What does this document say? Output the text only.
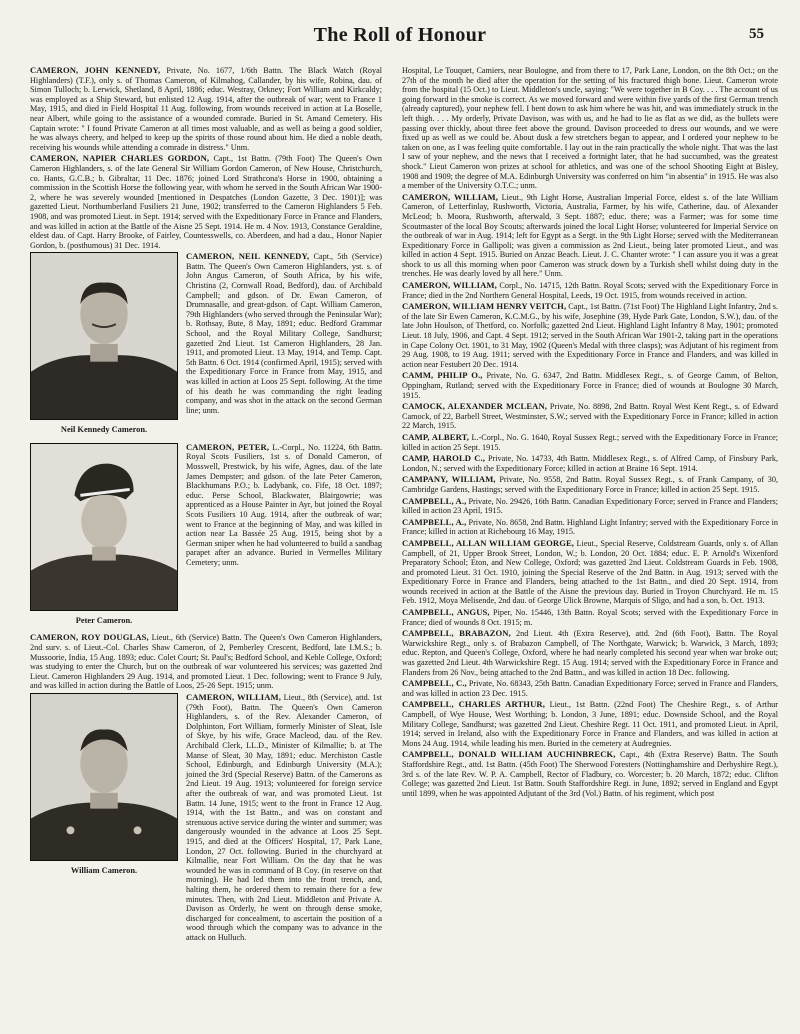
The Roll of Honour	55
CAMERON, JOHN KENNEDY, Private, No. 1677, 1/6th Battn. The Black Watch (Royal Highlanders) (T.F.), only s. of Thomas Cameron, of Kilmahog, Callander, by his wife, Robina, dau. of Simon Tulloch; b. Lerwick, Shetland, 8 April, 1886; educ. Westray, Orkney; Fort William and Kirkcaldy; was employed as a Ship Steward, but enlisted 12 Aug. 1914, after the outbreak of war; went to France 1 May, 1915, and died in Field Hospital 11 Aug. following, from wounds received in action at La Boselle, near Albert, while going to the assistance of a wounded comrade. Buried in St. Amand Cemetery. His Captain wrote: " I found Private Cameron at all times most valuable, and as well as being a good soldier, he was always cheery, and helped to keep up the spirits of those round about him. He died a noble death, receiving his wounds while attending a comrade in distress." Unm.
CAMERON, NAPIER CHARLES GORDON, Capt., 1st Battn. (79th Foot) The Queen's Own Cameron Highlanders, s. of the late General Sir William Gordon Cameron, of New House, Christchurch, co. Hants, G.C.B.; b. Gibraltar, 11 Dec. 1876; joined Lord Strathcona's Horse in 1900, obtaining a commission in the Scottish Horse the following year, with whom he served in the South African War 1900-2, where he was severely wounded [mentioned in Despatches (London Gazette, 3 Dec. 1901)]; was gazetted Lieut. Northumberland Fusiliers 21 June, 1902; transferred to the Cameron Highlanders 5 Feb. 1908, and was promoted Lieut. in Sept. 1914; served with the Expeditionary Force in France and Flanders, and was killed in action at the Battle of the Aisne 25 Sept. 1914. He m. 4 Nov. 1913, Constance Geraldine, eldest dau. of Capt. Harry Brooke, of Fairley, Countesswells, co. Aberdeen, and had a dau., Honor Napier Gordon, b. (posthumous) 31 Dec. 1914.
Neil Kennedy Cameron.
CAMERON, NEIL KENNEDY, Capt., 5th (Service) Battn. The Queen's Own Cameron Highlanders, yst. s. of John Angus Cameron, of South Africa, by his wife, Christina (2, Cornwall Road, Bedford), dau. of Archibald Campbell; and gdson. of Dr. Ewan Cameron, of Drumnasalle, and great-gdson. of Capt. William Cameron, 79th Highlanders (who served through the Peninsular War); b. Rothsay, Bute, 8 May, 1891; educ. Bedford Grammar School, and the Royal Military College, Sandhurst; gazetted 2nd Lieut. 1st Cameron Highlanders, 28 Jan. 1911, and promoted Lieut. 13 May, 1914, and Temp. Capt. 5th Battn. 6 Oct. 1914 (confirmed April, 1915); served with the Expeditionary Force in France from May, 1915, and was killed in action at Loos 25 Sept. following. At the time of his death he was commanding the right leading company, and was shot in the attack on the second German line; unm.
Peter Cameron.
CAMERON, PETER, L.-Corpl., No. 11224, 6th Battn. Royal Scots Fusiliers, 1st s. of Donald Cameron, of Mosswell, Prestwick, by his wife, Agnes, dau. of the late James Dempster; and gdson. of the late Peter Cameron, Blackhumans P.O.; b. Ladybank, co. Fife, 18 Oct. 1897; educ. Perse School, Blackwater, Blairgowrie; was apprenticed as a House Painter in Ayr, but joined the Royal Scots Fusiliers 10 Aug. 1914, after the outbreak of war; went to France at the beginning of May, and was killed in action near La Bassée 25 Aug. 1915, being shot by a German sniper when he had volunteered to build a sandbag parapet after an advance. Buried in Vermelles Military Cemetery; unm.
CAMERON, ROY DOUGLAS, Lieut., 6th (Service) Battn. The Queen's Own Cameron Highlanders, 2nd surv. s. of Lieut.-Col. Charles Shaw Cameron, of 2, Pemberley Crescent, Bedford, late I.M.S.; b. Mussoorie, India, 15 Aug. 1893; educ. Colet Court; St. Paul's; Bedford School, and Keble College, Oxford; was studying to enter the Church, but on the outbreak of war volunteered his services; was gazetted 2nd Lieut. Cameron Highlanders 29 Aug. 1914, and promoted Lieut. 1 Dec. following; went to France 9 July, and was killed in action during the Battle of Loos, 25-26 Sept. 1915; unm.
William Cameron.
CAMERON, WILLIAM, Lieut., 8th (Service), attd. 1st (79th Foot), Battn. The Queen's Own Cameron Highlanders, s. of the Rev. Alexander Cameron, of Dolphinton, Fort William, formerly Minister of Sleat, Isle of Skye, by his wife, Grace Macleod, dau. of the Rev. Archibald Clerk, LL.D., Minister of Kilmallie; b. at The Manse of Sleat, 30 May, 1891; educ. Merchiston Castle School, Edinburgh, and Edinburgh University (M.A.); joined the 3rd (Special Reserve) Battn. of the Camerons as 2nd Lieut. 19 Aug. 1913; volunteered for foreign service after the outbreak of war, and was promoted Lieut. 1st Battn. 14 June, 1915; went to the front in France 12 Aug. 1914, with the 1st Battn., and was on constant and strenuous active service during the winter and summer; was dangerously wounded in the advance at Loos 25 Sept. 1915, and died at the Officers' Hospital, 17, Park Lane, London, 27 Oct. following. Buried in the churchyard at Kilmallie, near Fort William. On the day that he was wounded he was in command of B Coy. (in reserve on that morning). He had led them into the front trench, and, halting them, he ordered them to remain there for a few minutes. Then, with 2nd Lieut. Middleton and Private A. Davison as Orderly, he went on through dense smoke, discharged for concealment, to ascertain the position of a wood through which the company was to advance in the attack on Hulluch.
Hospital, Le Touquet, Camiers, near Boulogne, and from there to 17, Park Lane, London, on the 8th Oct.; on the 27th of the month he died after the operation for the setting of his fractured thigh bone. Lieut. Cameron wrote from the hospital (15 Oct.) to Lieut. Middleton's uncle, saying: "We were together in B Coy. . . . The account of us going forward in the smoke is correct. As we moved forward and were within five yards of the first German trench (already captured), your nephew fell. I bent down to ask him where he was hit, and was immediately struck in the left thigh. . . . My orderly, Private Davison, was with us, and he had to lie as flat as we did, as the bullets were passing over thickly, about three feet above the ground. Davison proceeded to dress our wounds, and we were fixed up as well as we could be. About dusk a few stretchers began to appear, and I ordered your nephew to be taken on one, as I was feeling quite comfortable. I lay out in the rain practically the whole night. That was the last I saw of your nephew, and the news that I received a fortnight later, that he had succumbed, was the greatest shock." Lieut Cameron won prizes at school for athletics, and was one of the school Shooting Eight at Bisley, 1908 and 1909; the degree of M.A. Edinburgh University was conferred on him "in absentia" in 1915. He was also a member of the University O.T.C.; unm.
CAMERON, WILLIAM, Lieut., 9th Light Horse, Australian Imperial Force, eldest s. of the late William Cameron, of Letterfinlay, Rushworth, Victoria, Australia, Farmer, by his wife, Catherine, dau. of Alexander McLeod; b. Moora, Rushworth, afterwald, 3 Sept. 1887; educ. there; was a Farmer; was for some time Scoutmaster of the local Boy Scouts; afterwards joined the local Light Horse; volunteered for Imperial Service on the outbreak of war in Aug. 1914; left for Egypt as a Sergt. in the 9th Light Horse; served with the Mediterranean Expeditionary Force in Gallipoli; was given a commission as 2nd Lieut., being later promoted Lieut., and was killed in action 4 Sept. 1915. Buried on Anzac Beach. Lieut. J. C. Chanter wrote: " I can assure you it was a great shock to us all this morning when poor Cameron was struck down by a Turkish shell whilst doing duty in the trenches. He was dearly loved by all here." Unm.
CAMERON, WILLIAM, Corpl., No. 14715, 12th Battn. Royal Scots; served with the Expeditionary Force in France; died in the 2nd Northern General Hospital, Leeds, 19 Oct. 1915, from wounds received in action.
CAMERON, WILLIAM HENRY VEITCH, Capt., 1st Battn. (71st Foot) The Highland Light Infantry, 2nd s. of the late Sir Ewen Cameron, K.C.M.G., by his wife, Josephine (39, Hyde Park Gate, London, S.W.), dau. of the late John Houlson, of Thetford, co. Norfolk; gazetted 2nd Lieut. Highland Light Infantry 8 May, 1901; promoted Lieut. 18 July, 1906, and Capt. 4 Sept. 1912; served in the South African War 1901-2, taking part in the operations in Cape Colony Oct. 1901, to 31 May, 1902 (Queen's Medal with three clasps); was Adjutant of his regiment from 29 Aug. 1908, to 19 Aug. 1911; served with the Expeditionary Force in France and Flanders, and was killed in action near Festubert 20 Dec. 1914.
CAMM, PHILIP O., Private, No. G. 6347, 2nd Battn. Middlesex Regt., s. of George Camm, of Belton, Oppingham, Rutland; served with the Expeditionary Force in France; died of wounds at Boulogne 30 March, 1915.
CAMOCK, ALEXANDER MCLEAN, Private, No. 8898, 2nd Battn. Royal West Kent Regt., s. of Edward Camock, of 22, Barbell Street, Westminster, S.W.; served with the Expeditionary Force in France; killed in action 22 March, 1915.
CAMP, ALBERT, L.-Corpl., No. G. 1640, Royal Sussex Regt.; served with the Expeditionary Force in France; killed in action 25 Sept. 1915.
CAMP, HAROLD C., Private, No. 14733, 4th Battn. Middlesex Regt., s. of Alfred Camp, of Finsbury Park, London, N.; served with the Expeditionary Force; killed in action at Braine 16 Sept. 1914.
CAMPANY, WILLIAM, Private, No. 9558, 2nd Battn. Royal Sussex Regt., s. of Frank Campany, of 30, Cambridge Gardens, Hastings; served with the Expeditionary Force in France; killed in action 25 Sept. 1915.
CAMPBELL, A., Private, No. 29426, 16th Battn. Canadian Expeditionary Force; served in France and Flanders; killed in action 23 April, 1915.
CAMPBELL, A., Private, No. 8658, 2nd Battn. Highland Light Infantry; served with the Expeditionary Force in France; killed in action at Richebourg 16 May, 1915.
CAMPBELL, ALLAN WILLIAM GEORGE, Lieut., Special Reserve, Coldstream Guards, only s. of Allan Campbell, of 21, Upper Brook Street, London, W.; b. London, 20 Oct. 1884; educ. E. P. Arnold's Wixenford Preparatory School; Eton, and New College, Oxford; was gazetted 2nd Lieut. Coldstream Guards in Feb. 1908, and promoted Lieut. 31 Oct. 1910, joining the Special Reserve of the 2nd Battn. in Aug. 1913; served with the Expeditionary Force in France and Flanders, being attached to the 1st Battn., and died 20 Sept. 1914, from wounds received in action at the Battle of the Aisne the previous day. Buried in Troyon Churchyard. He m. 15 Feb. 1912, Moya Melisende, 2nd dau. of George Ulick Browne, Marquis of Sligo, and had a son, b. Oct. 1913.
CAMPBELL, ANGUS, Piper, No. 15446, 13th Battn. Royal Scots; served with the Expeditionary Force in France; died of wounds 8 Oct. 1915; m.
CAMPBELL, BRABAZON, 2nd Lieut. 4th (Extra Reserve), attd. 2nd (6th Foot), Battn. The Royal Warwickshire Regt., only s. of Brabazon Campbell, of The Northgate, Warwick; b. Warwick, 3 March, 1893; educ. Repton, and Queen's College, Oxford, where he had nearly completed his second year when war broke out; was gazetted 2nd Lieut. 4th Warwickshire Regt. 15 Aug. 1914; served with the Expeditionary Force in France and Flanders from 26 Nov., being attached to the 2nd Battn., and was killed in action 18 Dec. following.
CAMPBELL, C., Private, No. 68343, 25th Battn. Canadian Expeditionary Force; served in France and Flanders, and was killed in action 23 Dec. 1915.
CAMPBELL, CHARLES ARTHUR, Lieut., 1st Battn. (22nd Foot) The Cheshire Regt., s. of Arthur Campbell, of Wye House, West Worthing; b. London, 3 June, 1891; educ. Downside School, and the Royal Military College, Sandhurst; was gazetted 2nd Lieut. Cheshire Regt. 11 Oct. 1911, and promoted Lieut. in April, 1914; served in Ireland, also with the Expeditionary Force in France and Flanders, and was killed in action at Mons 24 Aug. 1914, while leading his men. Buried in the cemetery at Audregnies.
CAMPBELL, DONALD WILLIAM AUCHINBRECK, Capt., 4th (Extra Reserve) Battn. The South Staffordshire Regt., attd. 1st Battn. (45th Foot) The Sherwood Foresters (Nottinghamshire and Derbyshire Regt.), 3rd s. of the late Rev. W. P. A. Campbell, Rector of Fladbury, co. Worcester; b. 20 March, 1872; educ. Clifton College; was gazetted 2nd Lieut. 1st Battn. South Staffordshire Regt. in June, 1892; served in England and Egypt until 1899, when he was appointed Adjutant of the 3rd (Vol.) Battn. of his regiment, which post
